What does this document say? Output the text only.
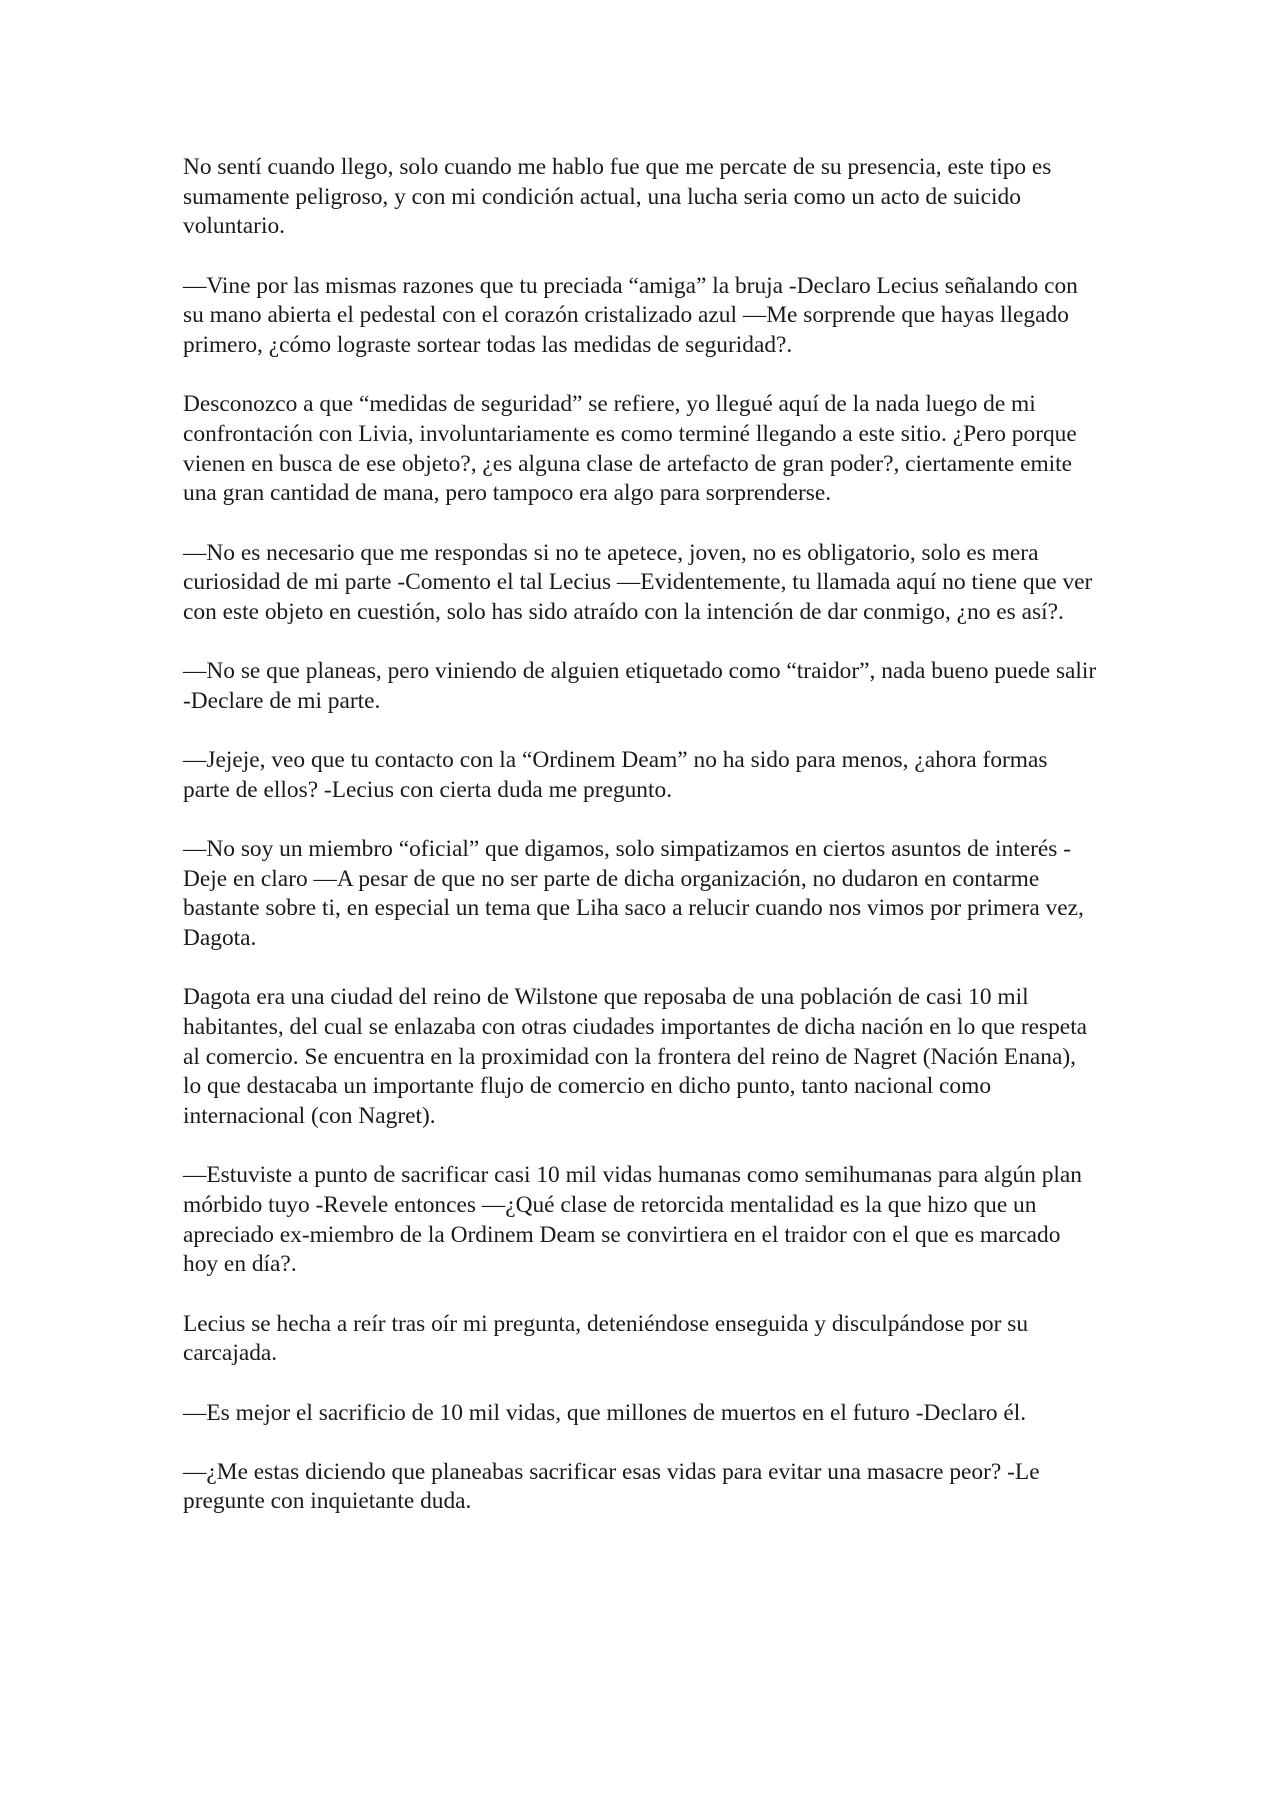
No sentí cuando llego, solo cuando me hablo fue que me percate de su presencia, este tipo es sumamente peligroso, y con mi condición actual, una lucha seria como un acto de suicido voluntario.

—Vine por las mismas razones que tu preciada “amiga” la bruja -Declaro Lecius señalando con su mano abierta el pedestal con el corazón cristalizado azul —Me sorprende que hayas llegado primero, ¿cómo lograste sortear todas las medidas de seguridad?.

Desconozco a que “medidas de seguridad” se refiere, yo llegué aquí de la nada luego de mi confrontación con Livia, involuntariamente es como terminé llegando a este sitio. ¿Pero porque vienen en busca de ese objeto?, ¿es alguna clase de artefacto de gran poder?, ciertamente emite una gran cantidad de mana, pero tampoco era algo para sorprenderse.

—No es necesario que me respondas si no te apetece, joven, no es obligatorio, solo es mera curiosidad de mi parte -Comento el tal Lecius —Evidentemente, tu llamada aquí no tiene que ver con este objeto en cuestión, solo has sido atraído con la intención de dar conmigo, ¿no es así?.

—No se que planeas, pero viniendo de alguien etiquetado como “traidor”, nada bueno puede salir -Declare de mi parte.

—Jejeje, veo que tu contacto con la “Ordinem Deam” no ha sido para menos, ¿ahora formas parte de ellos? -Lecius con cierta duda me pregunto.

—No soy un miembro “oficial” que digamos, solo simpatizamos en ciertos asuntos de interés -Deje en claro —A pesar de que no ser parte de dicha organización, no dudaron en contarme bastante sobre ti, en especial un tema que Liha saco a relucir cuando nos vimos por primera vez, Dagota.

Dagota era una ciudad del reino de Wilstone que reposaba de una población de casi 10 mil habitantes, del cual se enlazaba con otras ciudades importantes de dicha nación en lo que respeta al comercio. Se encuentra en la proximidad con la frontera del reino de Nagret (Nación Enana), lo que destacaba un importante flujo de comercio en dicho punto, tanto nacional como internacional (con Nagret).

—Estuviste a punto de sacrificar casi 10 mil vidas humanas como semihumanas para algún plan mórbido tuyo -Revele entonces —¿Qué clase de retorcida mentalidad es la que hizo que un apreciado ex-miembro de la Ordinem Deam se convirtiera en el traidor con el que es marcado hoy en día?.

Lecius se hecha a reír tras oír mi pregunta, deteniéndose enseguida y disculpándose por su carcajada.

—Es mejor el sacrificio de 10 mil vidas, que millones de muertos en el futuro -Declaro él.

—¿Me estas diciendo que planeabas sacrificar esas vidas para evitar una masacre peor? -Le pregunte con inquietante duda.
